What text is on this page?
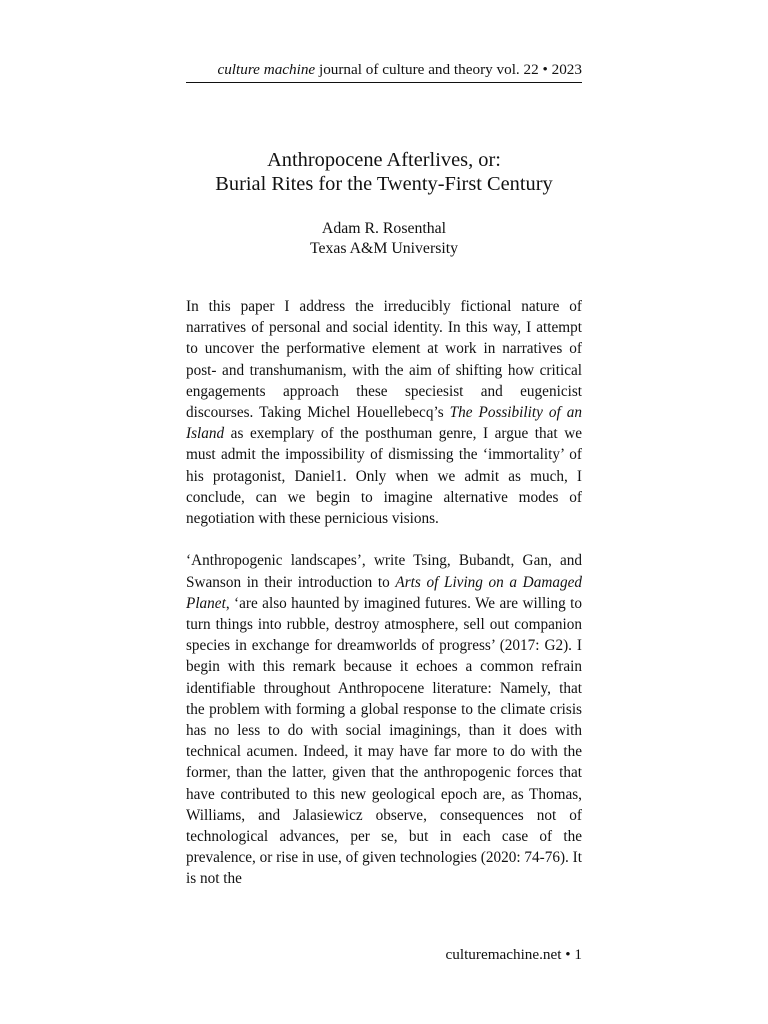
culture machine journal of culture and theory vol. 22 • 2023
Anthropocene Afterlives, or:
Burial Rites for the Twenty-First Century
Adam R. Rosenthal
Texas A&M University

In this paper I address the irreducibly fictional nature of narratives of personal and social identity. In this way, I attempt to uncover the performative element at work in narratives of post- and transhumanism, with the aim of shifting how critical engagements approach these speciesist and eugenicist discourses. Taking Michel Houellebecq’s The Possibility of an Island as exemplary of the posthuman genre, I argue that we must admit the impossibility of dismissing the ‘immortality’ of his protagonist, Daniel1. Only when we admit as much, I conclude, can we begin to imagine alternative modes of negotiation with these pernicious visions.

‘Anthropogenic landscapes’, write Tsing, Bubandt, Gan, and Swanson in their introduction to Arts of Living on a Damaged Planet, ‘are also haunted by imagined futures. We are willing to turn things into rubble, destroy atmosphere, sell out companion species in exchange for dreamworlds of progress’ (2017: G2). I begin with this remark because it echoes a common refrain identifiable throughout Anthropocene literature: Namely, that the problem with forming a global response to the climate crisis has no less to do with social imaginings, than it does with technical acumen. Indeed, it may have far more to do with the former, than the latter, given that the anthropogenic forces that have contributed to this new geological epoch are, as Thomas, Williams, and Jalasiewicz observe, consequences not of technological advances, per se, but in each case of the prevalence, or rise in use, of given technologies (2020: 74-76). It is not the

culturemachine.net • 1
